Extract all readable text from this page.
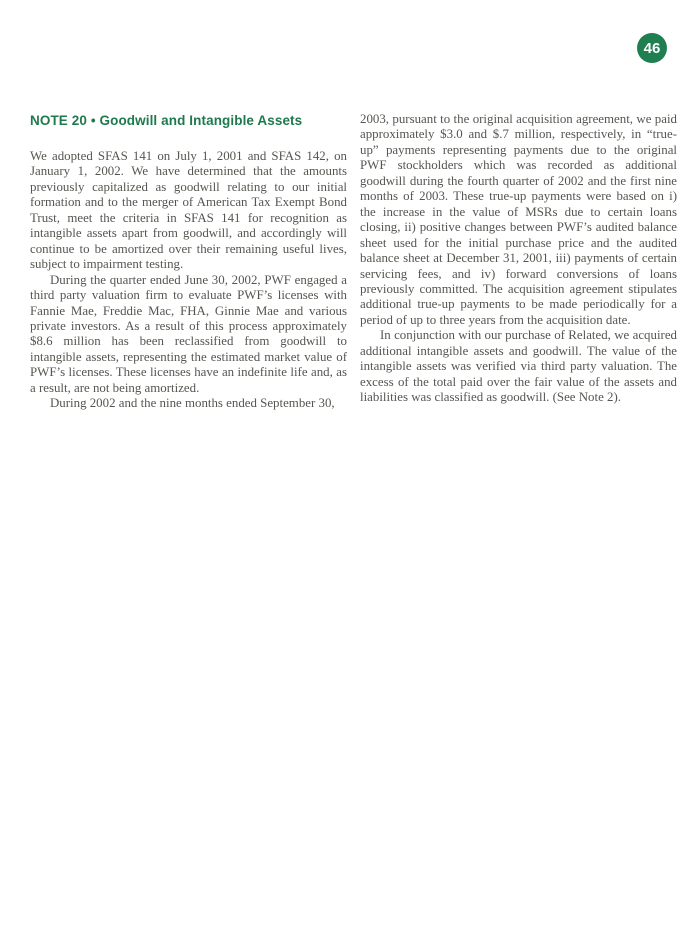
46
NOTE 20 • Goodwill and Intangible Assets

We adopted SFAS 141 on July 1, 2001 and SFAS 142, on January 1, 2002. We have determined that the amounts previously capitalized as goodwill relating to our initial formation and to the merger of American Tax Exempt Bond Trust, meet the criteria in SFAS 141 for recognition as intangible assets apart from goodwill, and accordingly will continue to be amortized over their remaining useful lives, subject to impairment testing.

During the quarter ended June 30, 2002, PWF engaged a third party valuation firm to evaluate PWF’s licenses with Fannie Mae, Freddie Mac, FHA, Ginnie Mae and various private investors. As a result of this process approximately $8.6 million has been reclassified from goodwill to intangible assets, representing the estimated market value of PWF’s licenses. These licenses have an indefinite life and, as a result, are not being amortized.

During 2002 and the nine months ended September 30,

2003, pursuant to the original acquisition agreement, we paid approximately $3.0 and $.7 million, respectively, in “true-up” payments representing payments due to the original PWF stockholders which was recorded as additional goodwill during the fourth quarter of 2002 and the first nine months of 2003. These true-up payments were based on i) the increase in the value of MSRs due to certain loans closing, ii) positive changes between PWF’s audited balance sheet used for the initial purchase price and the audited balance sheet at December 31, 2001, iii) payments of certain servicing fees, and iv) forward conversions of loans previously committed. The acquisition agreement stipulates additional true-up payments to be made periodically for a period of up to three years from the acquisition date.

In conjunction with our purchase of Related, we acquired additional intangible assets and goodwill. The value of the intangible assets was verified via third party valuation. The excess of the total paid over the fair value of the assets and liabilities was classified as goodwill. (See Note 2).
